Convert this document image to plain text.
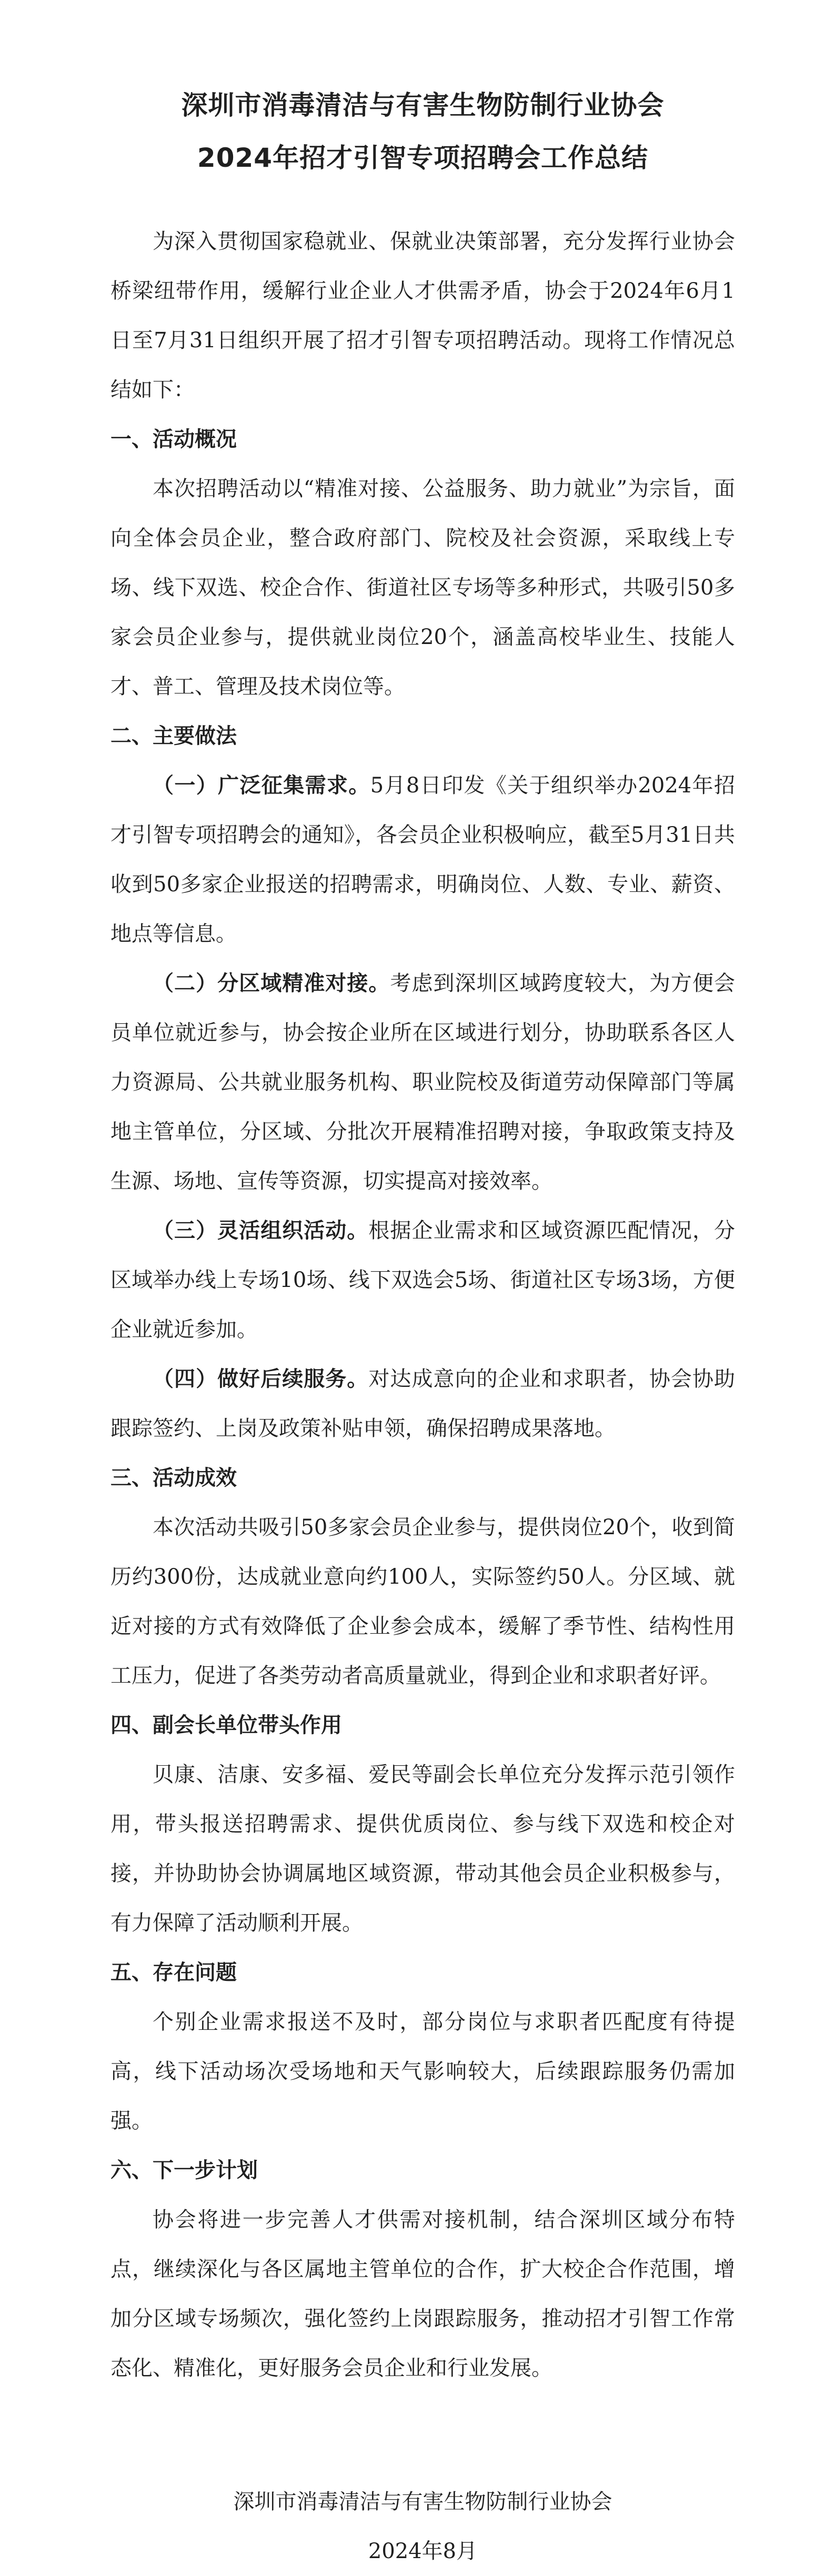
深圳市消毒清洁与有害生物防制行业协会
2024年招才引智专项招聘会工作总结

为深入贯彻国家稳就业、保就业决策部署，充分发挥行业协会桥梁纽带作用，缓解行业企业人才供需矛盾，协会于2024年6月1日至7月31日组织开展了招才引智专项招聘活动。现将工作情况总结如下：

一、活动概况

本次招聘活动以“精准对接、公益服务、助力就业”为宗旨，面向全体会员企业，整合政府部门、院校及社会资源，采取线上专场、线下双选、校企合作、街道社区专场等多种形式，共吸引50多家会员企业参与，提供就业岗位20个，涵盖高校毕业生、技能人才、普工、管理及技术岗位等。

二、主要做法

（一）广泛征集需求。5月8日印发《关于组织举办2024年招才引智专项招聘会的通知》，各会员企业积极响应，截至5月31日共收到50多家企业报送的招聘需求，明确岗位、人数、专业、薪资、地点等信息。

（二）分区域精准对接。考虑到深圳区域跨度较大，为方便会员单位就近参与，协会按企业所在区域进行划分，协助联系各区人力资源局、公共就业服务机构、职业院校及街道劳动保障部门等属地主管单位，分区域、分批次开展精准招聘对接，争取政策支持及生源、场地、宣传等资源，切实提高对接效率。

（三）灵活组织活动。根据企业需求和区域资源匹配情况，分区域举办线上专场10场、线下双选会5场、街道社区专场3场，方便企业就近参加。

（四）做好后续服务。对达成意向的企业和求职者，协会协助跟踪签约、上岗及政策补贴申领，确保招聘成果落地。

三、活动成效

本次活动共吸引50多家会员企业参与，提供岗位20个，收到简历约300份，达成就业意向约100人，实际签约50人。分区域、就近对接的方式有效降低了企业参会成本，缓解了季节性、结构性用工压力，促进了各类劳动者高质量就业，得到企业和求职者好评。

四、副会长单位带头作用

贝康、洁康、安多福、爱民等副会长单位充分发挥示范引领作用，带头报送招聘需求、提供优质岗位、参与线下双选和校企对接，并协助协会协调属地区域资源，带动其他会员企业积极参与，有力保障了活动顺利开展。

五、存在问题

个别企业需求报送不及时，部分岗位与求职者匹配度有待提高，线下活动场次受场地和天气影响较大，后续跟踪服务仍需加强。

六、下一步计划

协会将进一步完善人才供需对接机制，结合深圳区域分布特点，继续深化与各区属地主管单位的合作，扩大校企合作范围，增加分区域专场频次，强化签约上岗跟踪服务，推动招才引智工作常态化、精准化，更好服务会员企业和行业发展。

深圳市消毒清洁与有害生物防制行业协会
2024年8月
